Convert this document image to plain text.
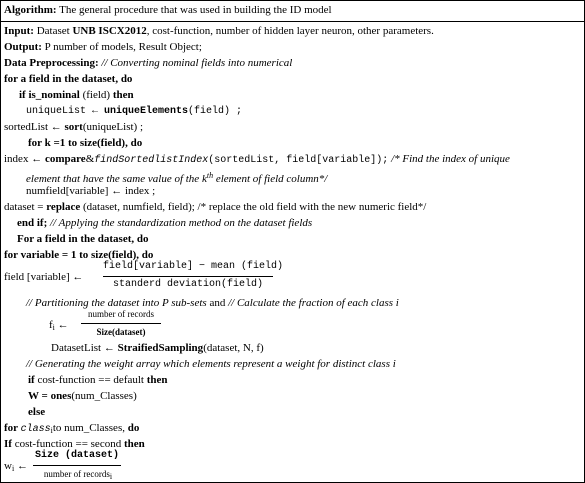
Algorithm: The general procedure that was used in building the ID model
Input: Dataset UNB ISCX2012, cost-function, number of hidden layer neuron, other parameters.
Output: P number of models, Result Object;
Data Preprocessing: // Converting nominal fields into numerical
for a field in the dataset, do
if is_nominal (field) then
uniqueList ← uniqueElements(field) ;
sortedList ← sort(uniqueList) ;
for k =1 to size(field), do
index ← compare&findSortedlistIndex(sortedList, field[variable]); /* Find the index of unique
element that have the same value of the $k^{th}$ element of field column*/
numfield[variable] ← index ;
dataset = replace (dataset, numfield, field); /* replace the old field with the new numeric field*/
end if; // Applying the standardization method on the dataset fields
For a field in the dataset, do
for variable = 1 to size(field), do
field [variable] ←
field[variable] − mean (field)
standerd deviation(field)
// Partitioning the dataset into P sub-sets and // Calculate the fraction of each class i
$f_i$ ←
number of records
Size(dataset)
DatasetList ← StraifiedSampling(dataset, N, f)
// Generating the weight array which elements represent a weight for distinct class i
if cost-function == default then
W = ones(num_Classes)
else
for class$_i$to num_Classes, do
If cost-function == second then
$w_i$ ←
Size (dataset)
number of recordsi
